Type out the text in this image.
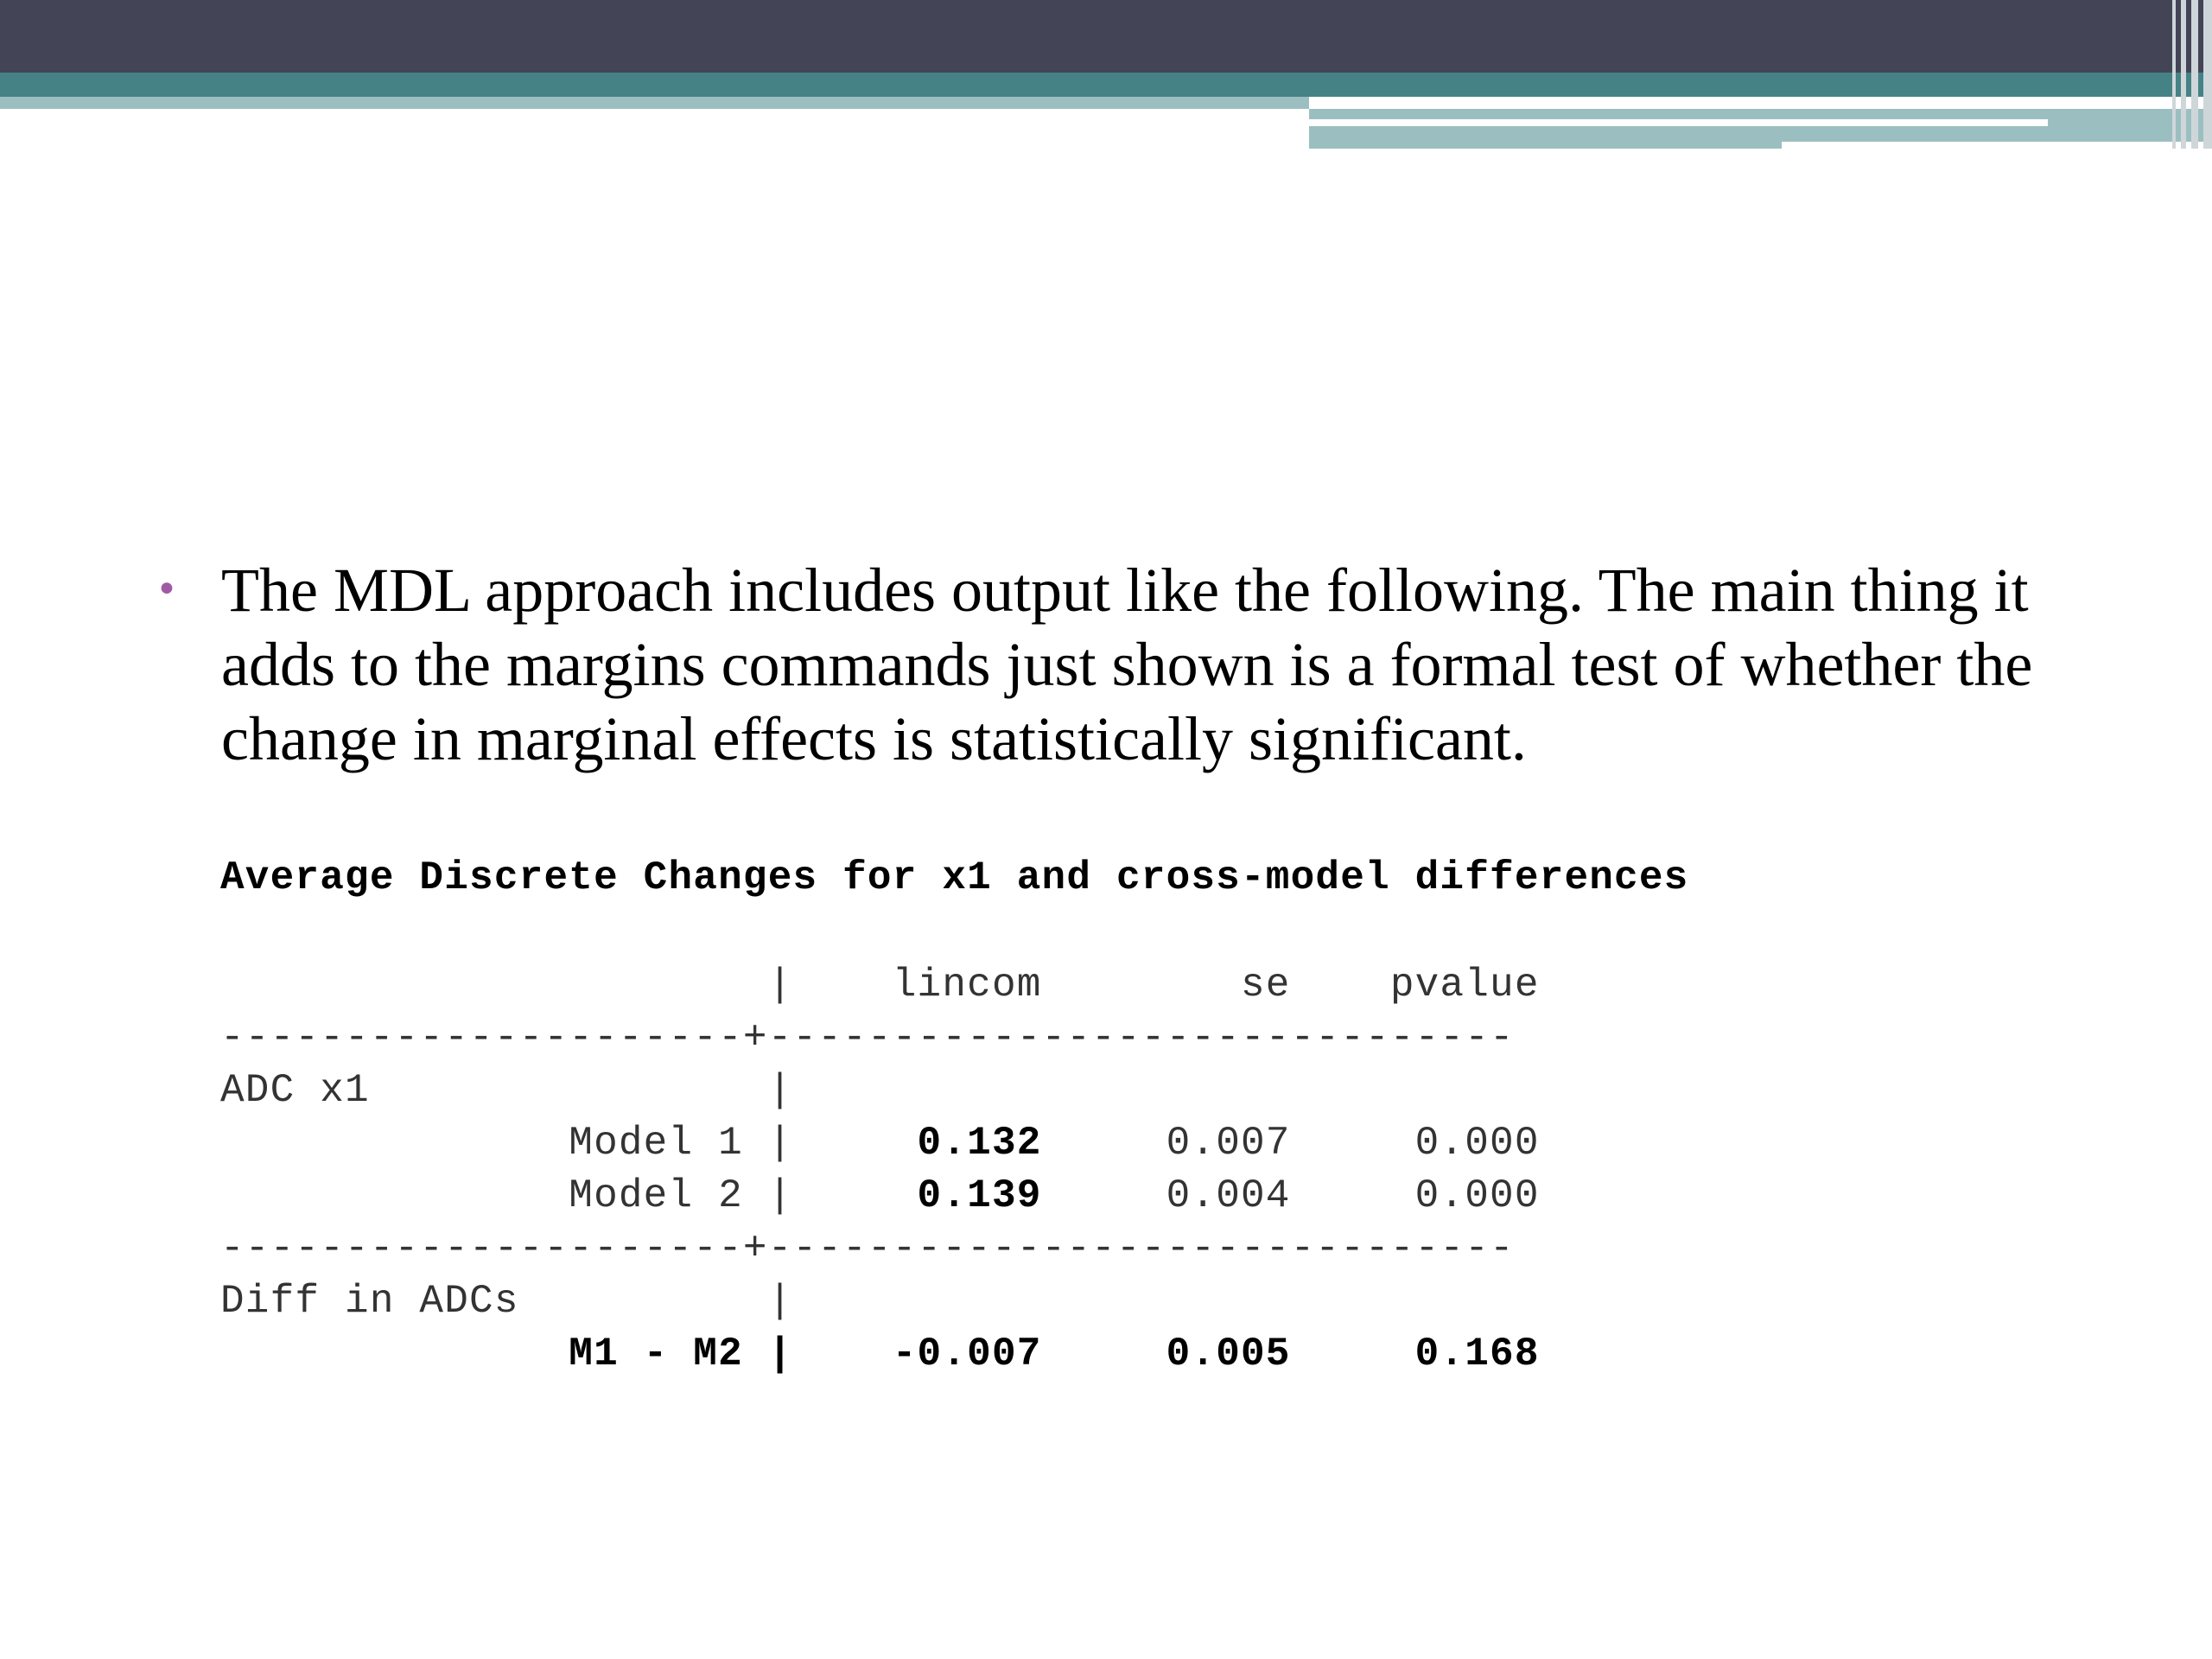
• The MDL approach includes output like the following. The main thing it adds to the margins commands just shown is a formal test of whether the change in marginal effects is statistically significant.
Average Discrete Changes for x1 and cross-model differences
|    lincom        se    pvalue
---------------------+------------------------------
ADC x1                |
Model 1 |     0.132     0.007     0.000
Model 2 |     0.139     0.004     0.000
---------------------+------------------------------
Diff in ADCs          |
M1 - M2 |    -0.007     0.005     0.168
